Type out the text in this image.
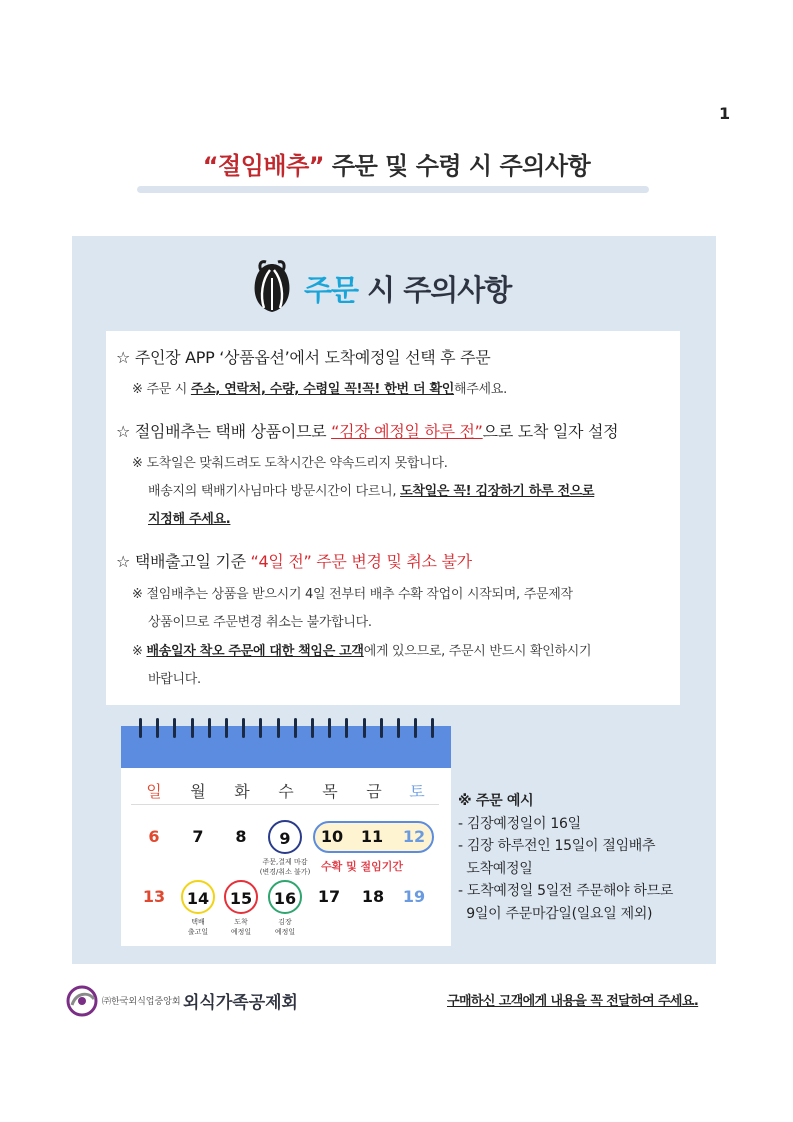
1
“절임배추” 주문 및 수령 시 주의사항
주문 시 주의사항
☆ 주인장 APP ‘상품옵션’에서 도착예정일 선택 후 주문
※ 주문 시 주소, 연락처, 수량, 수령일 꼭!꼭! 한번 더 확인해주세요.
☆ 절임배추는 택배 상품이므로 “김장 예정일 하루 전”으로 도착 일자 설정
※ 도착일은 맞춰드려도 도착시간은 약속드리지 못합니다.
배송지의 택배기사님마다 방문시간이 다르니, 도착일은 꼭! 김장하기 하루 전으로
지정해 주세요.
☆ 택배출고일 기준 “4일 전” 주문 변경 및 취소 불가
※ 절임배추는 상품을 받으시기 4일 전부터 배추 수확 작업이 시작되며, 주문제작
상품이므로 주문변경 취소는 불가합니다.
※ 배송일자 착오 주문에 대한 책임은 고객에게 있으므로, 주문시 반드시 확인하시기
바랍니다.
일	월	화	수	목	금	토
6	7	8	9	10	11	12
주문,결제 마감
(변경/취소 불가) 수확 및 절임기간
13	14	15	16	17	18	19
택배
출고일
도착
예정일
김장
예정일
※ 주문 예시
- 김장예정일이 16일
- 김장 하루전인 15일이 절임배추
도착예정일
- 도착예정일 5일전 주문해야 하므로
9일이 주문마감일(일요일 제외)
㈜한국외식업중앙회 외식가족공제회	구매하신 고객에게 내용을 꼭 전달하여 주세요.
